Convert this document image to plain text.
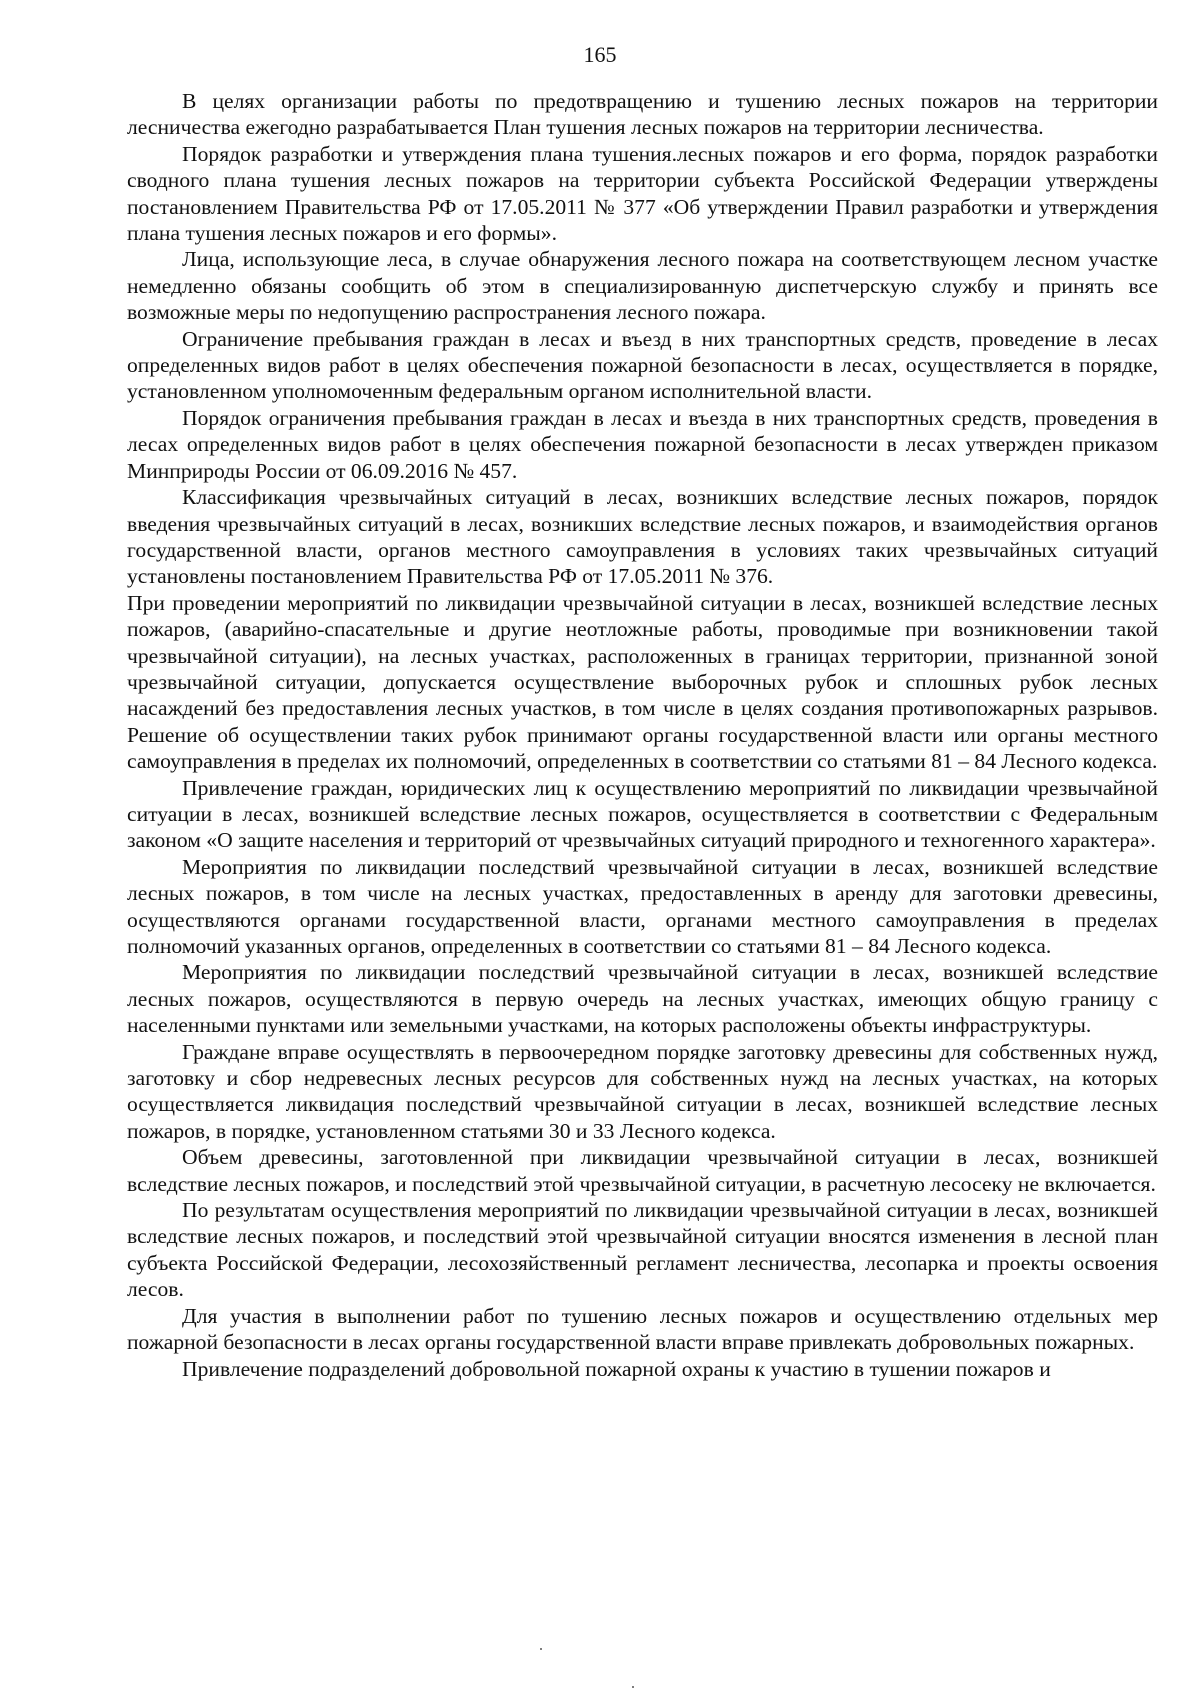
165

В целях организации работы по предотвращению и тушению лесных пожаров на территории лесничества ежегодно разрабатывается План тушения лесных пожаров на территории лесничества.

Порядок разработки и утверждения плана тушения.лесных пожаров и его форма, порядок разработки сводного плана тушения лесных пожаров на территории субъекта Российской Федерации утверждены постановлением Правительства РФ от 17.05.2011 № 377 «Об утверждении Правил разработки и утверждения плана тушения лесных пожаров и его формы».

Лица, использующие леса, в случае обнаружения лесного пожара на соответствующем лесном участке немедленно обязаны сообщить об этом в специализированную диспетчерскую службу и принять все возможные меры по недопущению распространения лесного пожара.

Ограничение пребывания граждан в лесах и въезд в них транспортных средств, проведение в лесах определенных видов работ в целях обеспечения пожарной безопасности в лесах, осуществляется в порядке, установленном уполномоченным федеральным органом исполнительной власти.

Порядок ограничения пребывания граждан в лесах и въезда в них транспортных средств, проведения в лесах определенных видов работ в целях обеспечения пожарной безопасности в лесах утвержден приказом Минприроды России от 06.09.2016 № 457.

Классификация чрезвычайных ситуаций в лесах, возникших вследствие лесных пожаров, порядок введения чрезвычайных ситуаций в лесах, возникших вследствие лесных пожаров, и взаимодействия органов государственной власти, органов местного самоуправления в условиях таких чрезвычайных ситуаций установлены постановлением Правительства РФ от 17.05.2011 № 376.

При проведении мероприятий по ликвидации чрезвычайной ситуации в лесах, возникшей вследствие лесных пожаров, (аварийно-спасательные и другие неотложные работы, проводимые при возникновении такой чрезвычайной ситуации), на лесных участках, расположенных в границах территории, признанной зоной чрезвычайной ситуации, допускается осуществление выборочных рубок и сплошных рубок лесных насаждений без предоставления лесных участков, в том числе в целях создания противопожарных разрывов. Решение об осуществлении таких рубок принимают органы государственной власти или органы местного самоуправления в пределах их полномочий, определенных в соответствии со статьями 81 – 84 Лесного кодекса.

Привлечение граждан, юридических лиц к осуществлению мероприятий по ликвидации чрезвычайной ситуации в лесах, возникшей вследствие лесных пожаров, осуществляется в соответствии с Федеральным законом «О защите населения и территорий от чрезвычайных ситуаций природного и техногенного характера».

Мероприятия по ликвидации последствий чрезвычайной ситуации в лесах, возникшей вследствие лесных пожаров, в том числе на лесных участках, предоставленных в аренду для заготовки древесины, осуществляются органами государственной власти, органами местного самоуправления в пределах полномочий указанных органов, определенных в соответствии со статьями 81 – 84 Лесного кодекса.

Мероприятия по ликвидации последствий чрезвычайной ситуации в лесах, возникшей вследствие лесных пожаров, осуществляются в первую очередь на лесных участках, имеющих общую границу с населенными пунктами или земельными участками, на которых расположены объекты инфраструктуры.

Граждане вправе осуществлять в первоочередном порядке заготовку древесины для собственных нужд, заготовку и сбор недревесных лесных ресурсов для собственных нужд на лесных участках, на которых осуществляется ликвидация последствий чрезвычайной ситуации в лесах, возникшей вследствие лесных пожаров, в порядке, установленном статьями 30 и 33 Лесного кодекса.

Объем древесины, заготовленной при ликвидации чрезвычайной ситуации в лесах, возникшей вследствие лесных пожаров, и последствий этой чрезвычайной ситуации, в расчетную лесосеку не включается.

По результатам осуществления мероприятий по ликвидации чрезвычайной ситуации в лесах, возникшей вследствие лесных пожаров, и последствий этой чрезвычайной ситуации вносятся изменения в лесной план субъекта Российской Федерации, лесохозяйственный регламент лесничества, лесопарка и проекты освоения лесов.

Для участия в выполнении работ по тушению лесных пожаров и осуществлению отдельных мер пожарной безопасности в лесах органы государственной власти вправе привлекать добровольных пожарных.

Привлечение подразделений добровольной пожарной охраны к участию в тушении пожаров и
